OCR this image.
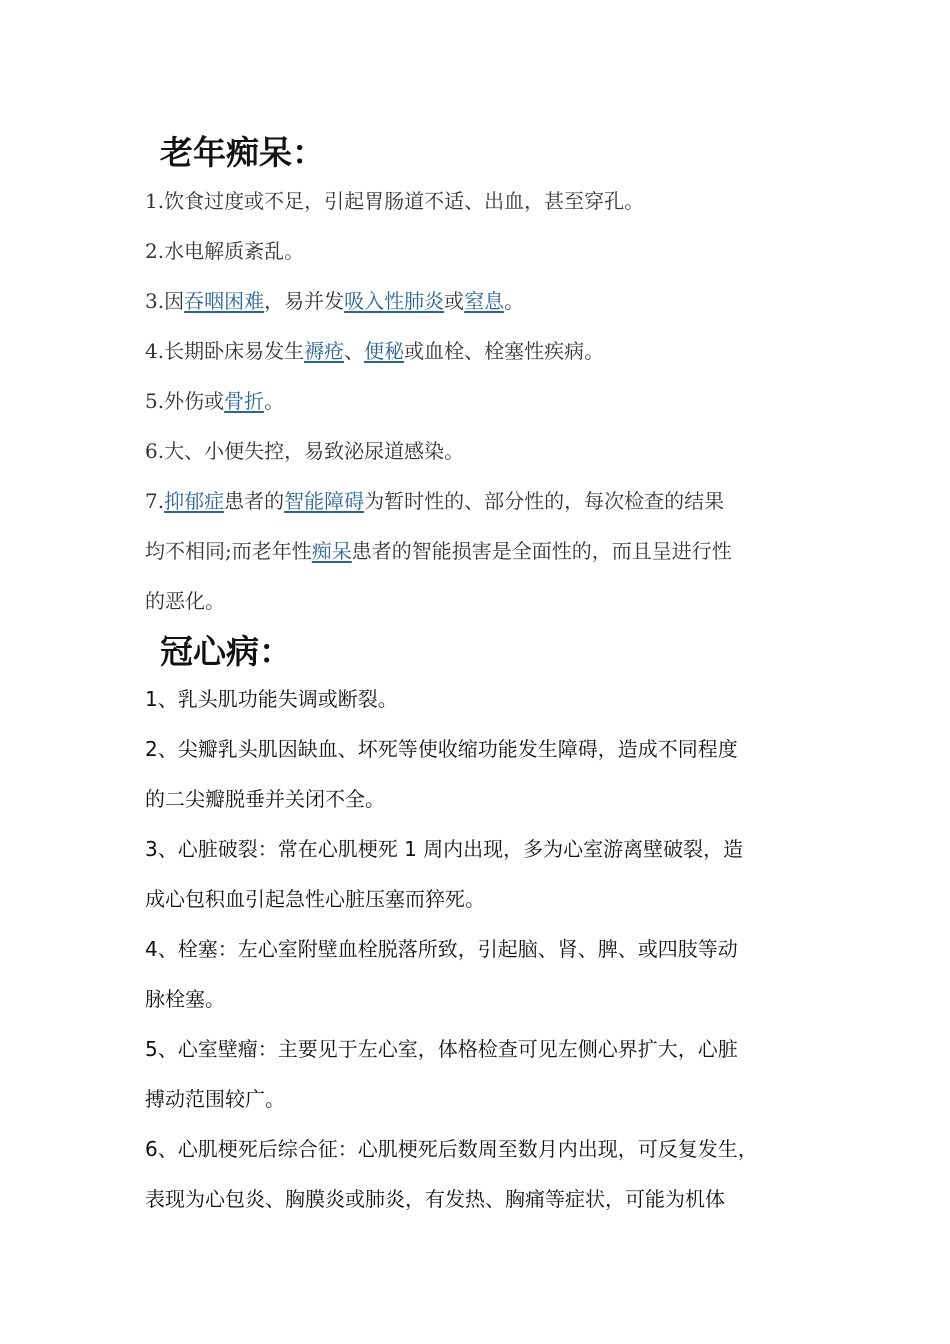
老年痴呆：
1.饮食过度或不足，引起胃肠道不适、出血，甚至穿孔。
2.水电解质紊乱。
3.因吞咽困难，易并发吸入性肺炎或窒息。
4.长期卧床易发生褥疮、便秘或血栓、栓塞性疾病。
5.外伤或骨折。
6.大、小便失控，易致泌尿道感染。
7.抑郁症患者的智能障碍为暂时性的、部分性的，每次检查的结果
均不相同;而老年性痴呆患者的智能损害是全面性的，而且呈进行性
的恶化。
冠心病：
1、乳头肌功能失调或断裂。
2、尖瓣乳头肌因缺血、坏死等使收缩功能发生障碍，造成不同程度
的二尖瓣脱垂并关闭不全。
3、心脏破裂：常在心肌梗死 1 周内出现，多为心室游离壁破裂，造
成心包积血引起急性心脏压塞而猝死。
4、栓塞：左心室附壁血栓脱落所致，引起脑、肾、脾、或四肢等动
脉栓塞。
5、心室壁瘤：主要见于左心室，体格检查可见左侧心界扩大，心脏
搏动范围较广。
6、心肌梗死后综合征：心肌梗死后数周至数月内出现，可反复发生，
表现为心包炎、胸膜炎或肺炎，有发热、胸痛等症状，可能为机体
